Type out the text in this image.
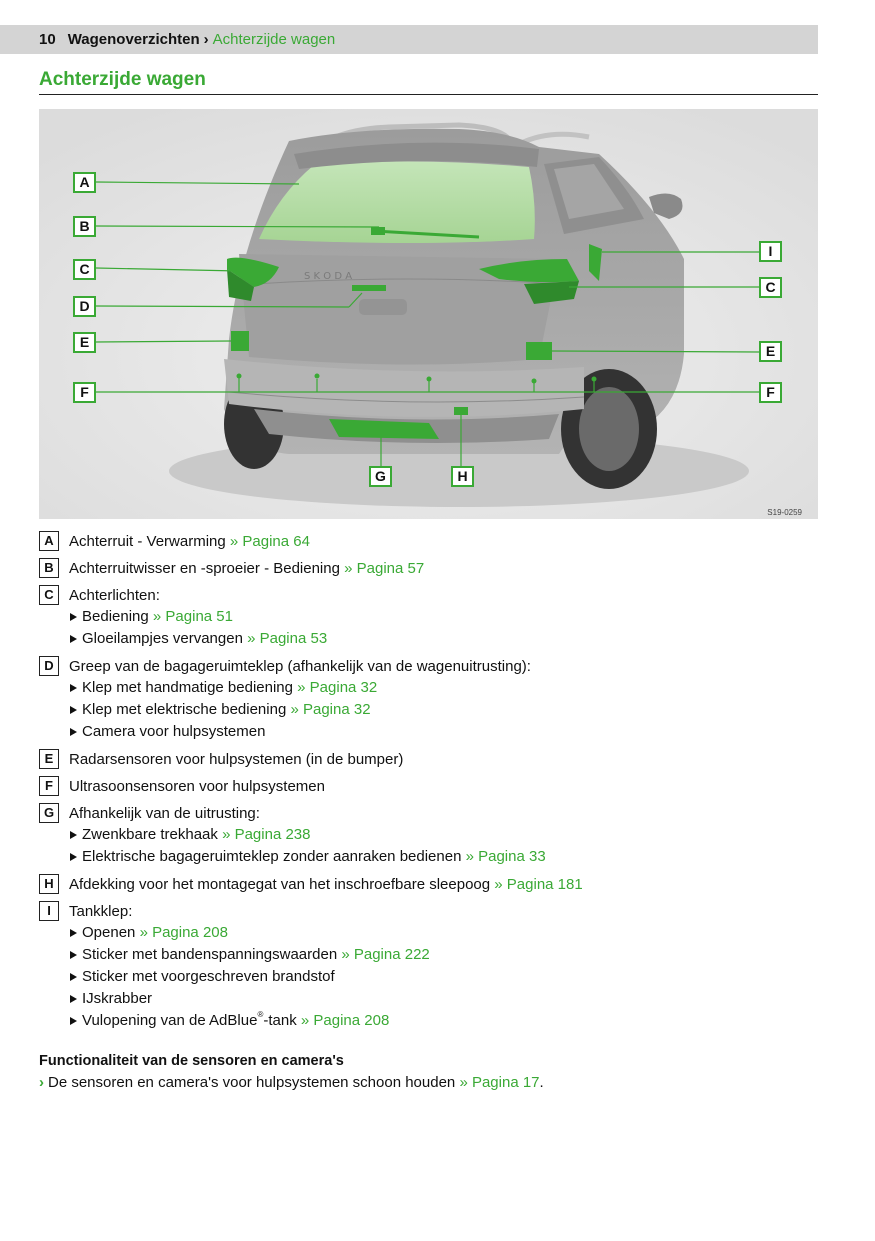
10 Wagenoverzichten › Achterzijde wagen
Achterzijde wagen
S K O D A
A
B
C
D
E
F
G	H
I
C
E
F
S19-0259
A	Achterruit - Verwarming » Pagina 64
B	Achterruitwisser en -sproeier - Bediening » Pagina 57
C	Achterlichten:
Bediening » Pagina 51
Gloeilampjes vervangen » Pagina 53
D	Greep van de bagageruimteklep (afhankelijk van de wagenuitrusting):
Klep met handmatige bediening » Pagina 32
Klep met elektrische bediening » Pagina 32
Camera voor hulpsystemen
E	Radarsensoren voor hulpsystemen (in de bumper)
F	Ultrasoonsensoren voor hulpsystemen
G Afhankelijk van de uitrusting:
Zwenkbare trekhaak » Pagina 238
Elektrische bagageruimteklep zonder aanraken bedienen » Pagina 33
H	Afdekking voor het montagegat van het inschroefbare sleepoog » Pagina 181
I	Tankklep:
Openen » Pagina 208
Sticker met bandenspanningswaarden » Pagina 222
Sticker met voorgeschreven brandstof
IJskrabber
Vulopening van de AdBlue®-tank » Pagina 208
Functionaliteit van de sensoren en camera's
› De sensoren en camera's voor hulpsystemen schoon houden » Pagina 17.
